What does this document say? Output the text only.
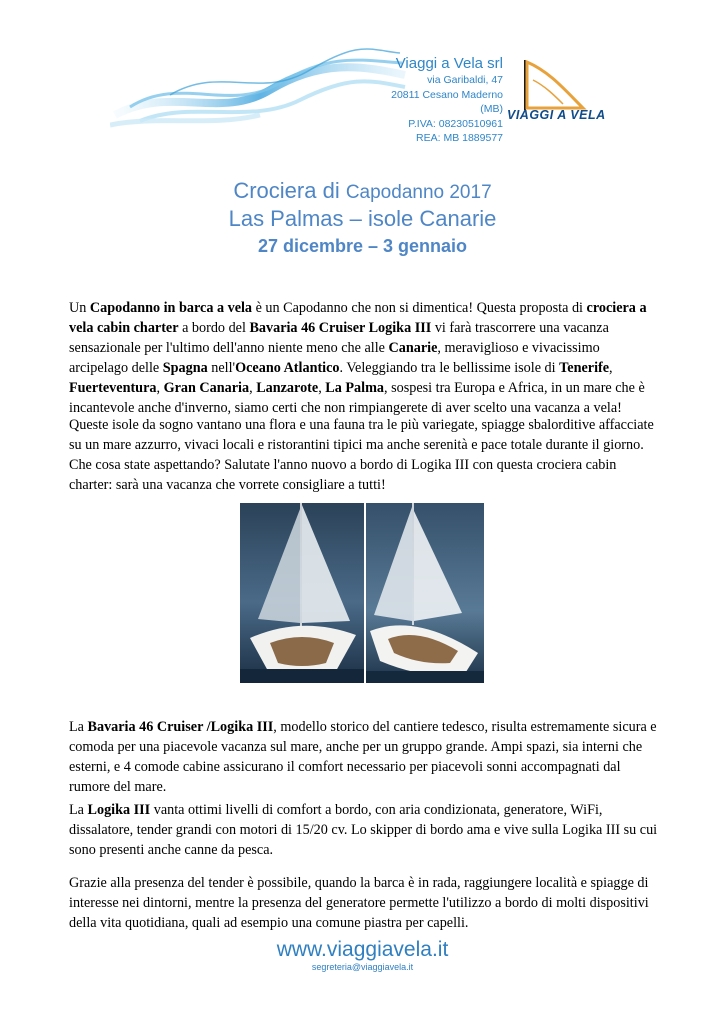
Viaggi a Vela srl
via Garibaldi, 47
20811 Cesano Maderno (MB)
P.IVA: 08230510961
REA: MB 1889577
VIAGGI A VELA
Crociera di Capodanno 2017
Las Palmas – isole Canarie
27 dicembre – 3 gennaio

Un Capodanno in barca a vela è un Capodanno che non si dimentica! Questa proposta di crociera a vela cabin charter a bordo del Bavaria 46 Cruiser Logika III vi farà trascorrere una vacanza sensazionale per l'ultimo dell'anno niente meno che alle Canarie, meraviglioso e vivacissimo arcipelago delle Spagna nell'Oceano Atlantico. Veleggiando tra le bellissime isole di Tenerife, Fuerteventura, Gran Canaria, Lanzarote, La Palma, sospesi tra Europa e Africa, in un mare che è incantevole anche d'inverno, siamo certi che non rimpiangerete di aver scelto una vacanza a vela!

Queste isole da sogno vantano una flora e una fauna tra le più variegate, spiagge sbalorditive affacciate su un mare azzurro, vivaci locali e ristorantini tipici ma anche serenità e pace totale durante il giorno. Che cosa state aspettando? Salutate l'anno nuovo a bordo di Logika III con questa crociera cabin charter: sarà una vacanza che vorrete consigliare a tutti!

La Bavaria 46 Cruiser /Logika III, modello storico del cantiere tedesco, risulta estremamente sicura e comoda per una piacevole vacanza sul mare, anche per un gruppo grande. Ampi spazi, sia interni che esterni, e 4 comode cabine assicurano il comfort necessario per piacevoli sonni accompagnati dal rumore del mare.

La Logika III vanta ottimi livelli di comfort a bordo, con aria condizionata, generatore, WiFi, dissalatore, tender grandi con motori di 15/20 cv. Lo skipper di bordo ama e vive sulla Logika III su cui sono presenti anche canne da pesca.

Grazie alla presenza del tender è possibile, quando la barca è in rada, raggiungere località e spiagge di interesse nei dintorni, mentre la presenza del generatore permette l'utilizzo a bordo di molti dispositivi della vita quotidiana, quali ad esempio una comune piastra per capelli.

www.viaggiavela.it
segreteria@viaggiavela.it
